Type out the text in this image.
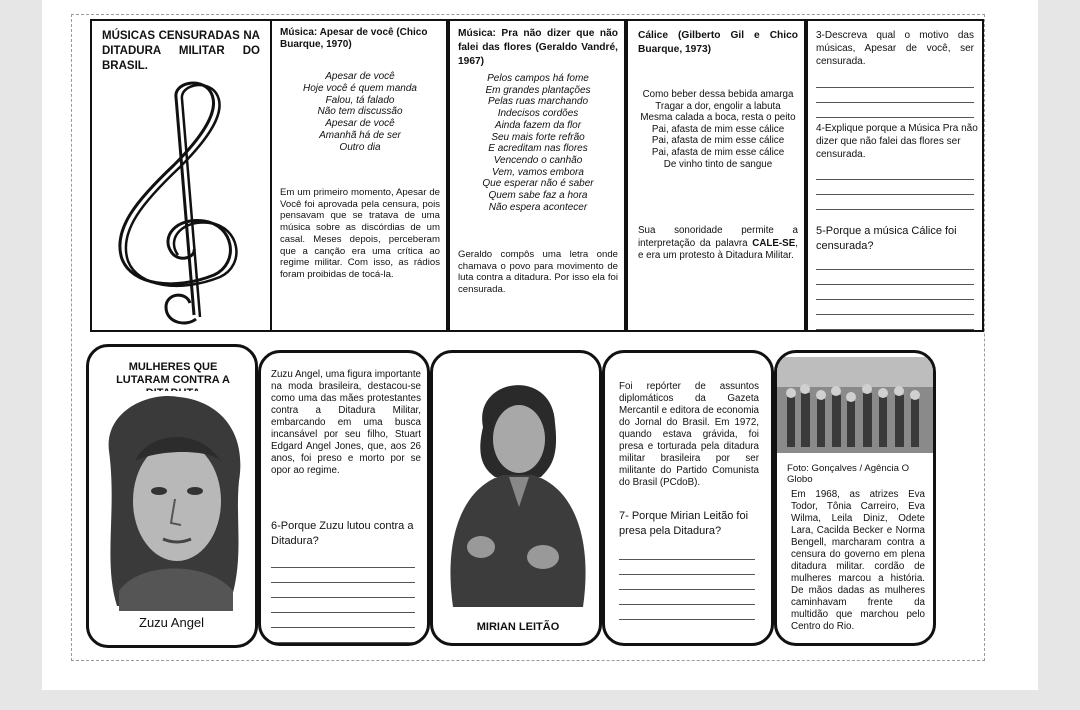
MÚSICAS CENSURADAS NA DITADURA MILITAR DO BRASIL.
Música: Apesar de você (Chico Buarque, 1970)
Apesar de você
Hoje você é quem manda
Falou, tá falado
Não tem discussão
Apesar de você
Amanhã há de ser
Outro dia
Em um primeiro momento, Apesar de Você foi aprovada pela censura, pois pensavam que se tratava de uma música sobre as discórdias de um casal. Meses depois, perceberam que a canção era uma crítica ao regime militar. Com isso, as rádios foram proibidas de tocá-la.
Música: Pra não dizer que não falei das flores (Geraldo Vandré, 1967)
Pelos campos há fome
Em grandes plantações
Pelas ruas marchando
Indecisos cordões
Ainda fazem da flor
Seu mais forte refrão
E acreditam nas flores
Vencendo o canhão
Vem, vamos embora
Que esperar não é saber
Quem sabe faz a hora
Não espera acontecer
Geraldo compôs uma letra onde chamava o povo para movimento de luta contra a ditadura. Por isso ela foi censurada.
Cálice (Gilberto Gil e Chico Buarque, 1973)
Como beber dessa bebida amarga
Tragar a dor, engolir a labuta
Mesma calada a boca, resta o peito
Pai, afasta de mim esse cálice
Pai, afasta de mim esse cálice
Pai, afasta de mim esse cálice
De vinho tinto de sangue
Sua sonoridade permite a interpretação da palavra CALE-SE, e era um protesto à Ditadura Militar.
3-Descreva qual o motivo das músicas, Apesar de você, ser censurada.
4-Explique porque a Música Pra não dizer que não falei das flores ser censurada.
5-Porque a música Cálice foi censurada?
MULHERES QUE LUTARAM CONTRA A
Zuzu Angel
Zuzu Angel, uma figura importante na moda brasileira, destacou-se como uma das mães protestantes contra a Ditadura Militar, embarcando em uma busca incansável por seu filho, Stuart Edgard Angel Jones, que, aos 26 anos, foi preso e morto por se opor ao regime.
6-Porque Zuzu lutou contra a Ditadura?
MIRIAN LEITÃO
Foi repórter de assuntos diplomáticos da Gazeta Mercantil e editora de economia do Jornal do Brasil. Em 1972, quando estava grávida, foi presa e torturada pela ditadura militar brasileira por ser militante do Partido Comunista do Brasil (PCdoB).
7- Porque Mirian Leitão foi presa pela Ditadura?
Foto: Gonçalves / Agência O Globo
Em 1968, as atrizes Eva Todor, Tônia Carreiro, Eva Wilma, Leila Diniz, Odete Lara, Cacilda Becker e Norma Bengell, marcharam contra a censura do governo em plena ditadura militar. cordão de mulheres marcou a história. De mãos dadas as mulheres caminhavam frente da multidão que marchou pelo Centro do Rio.
